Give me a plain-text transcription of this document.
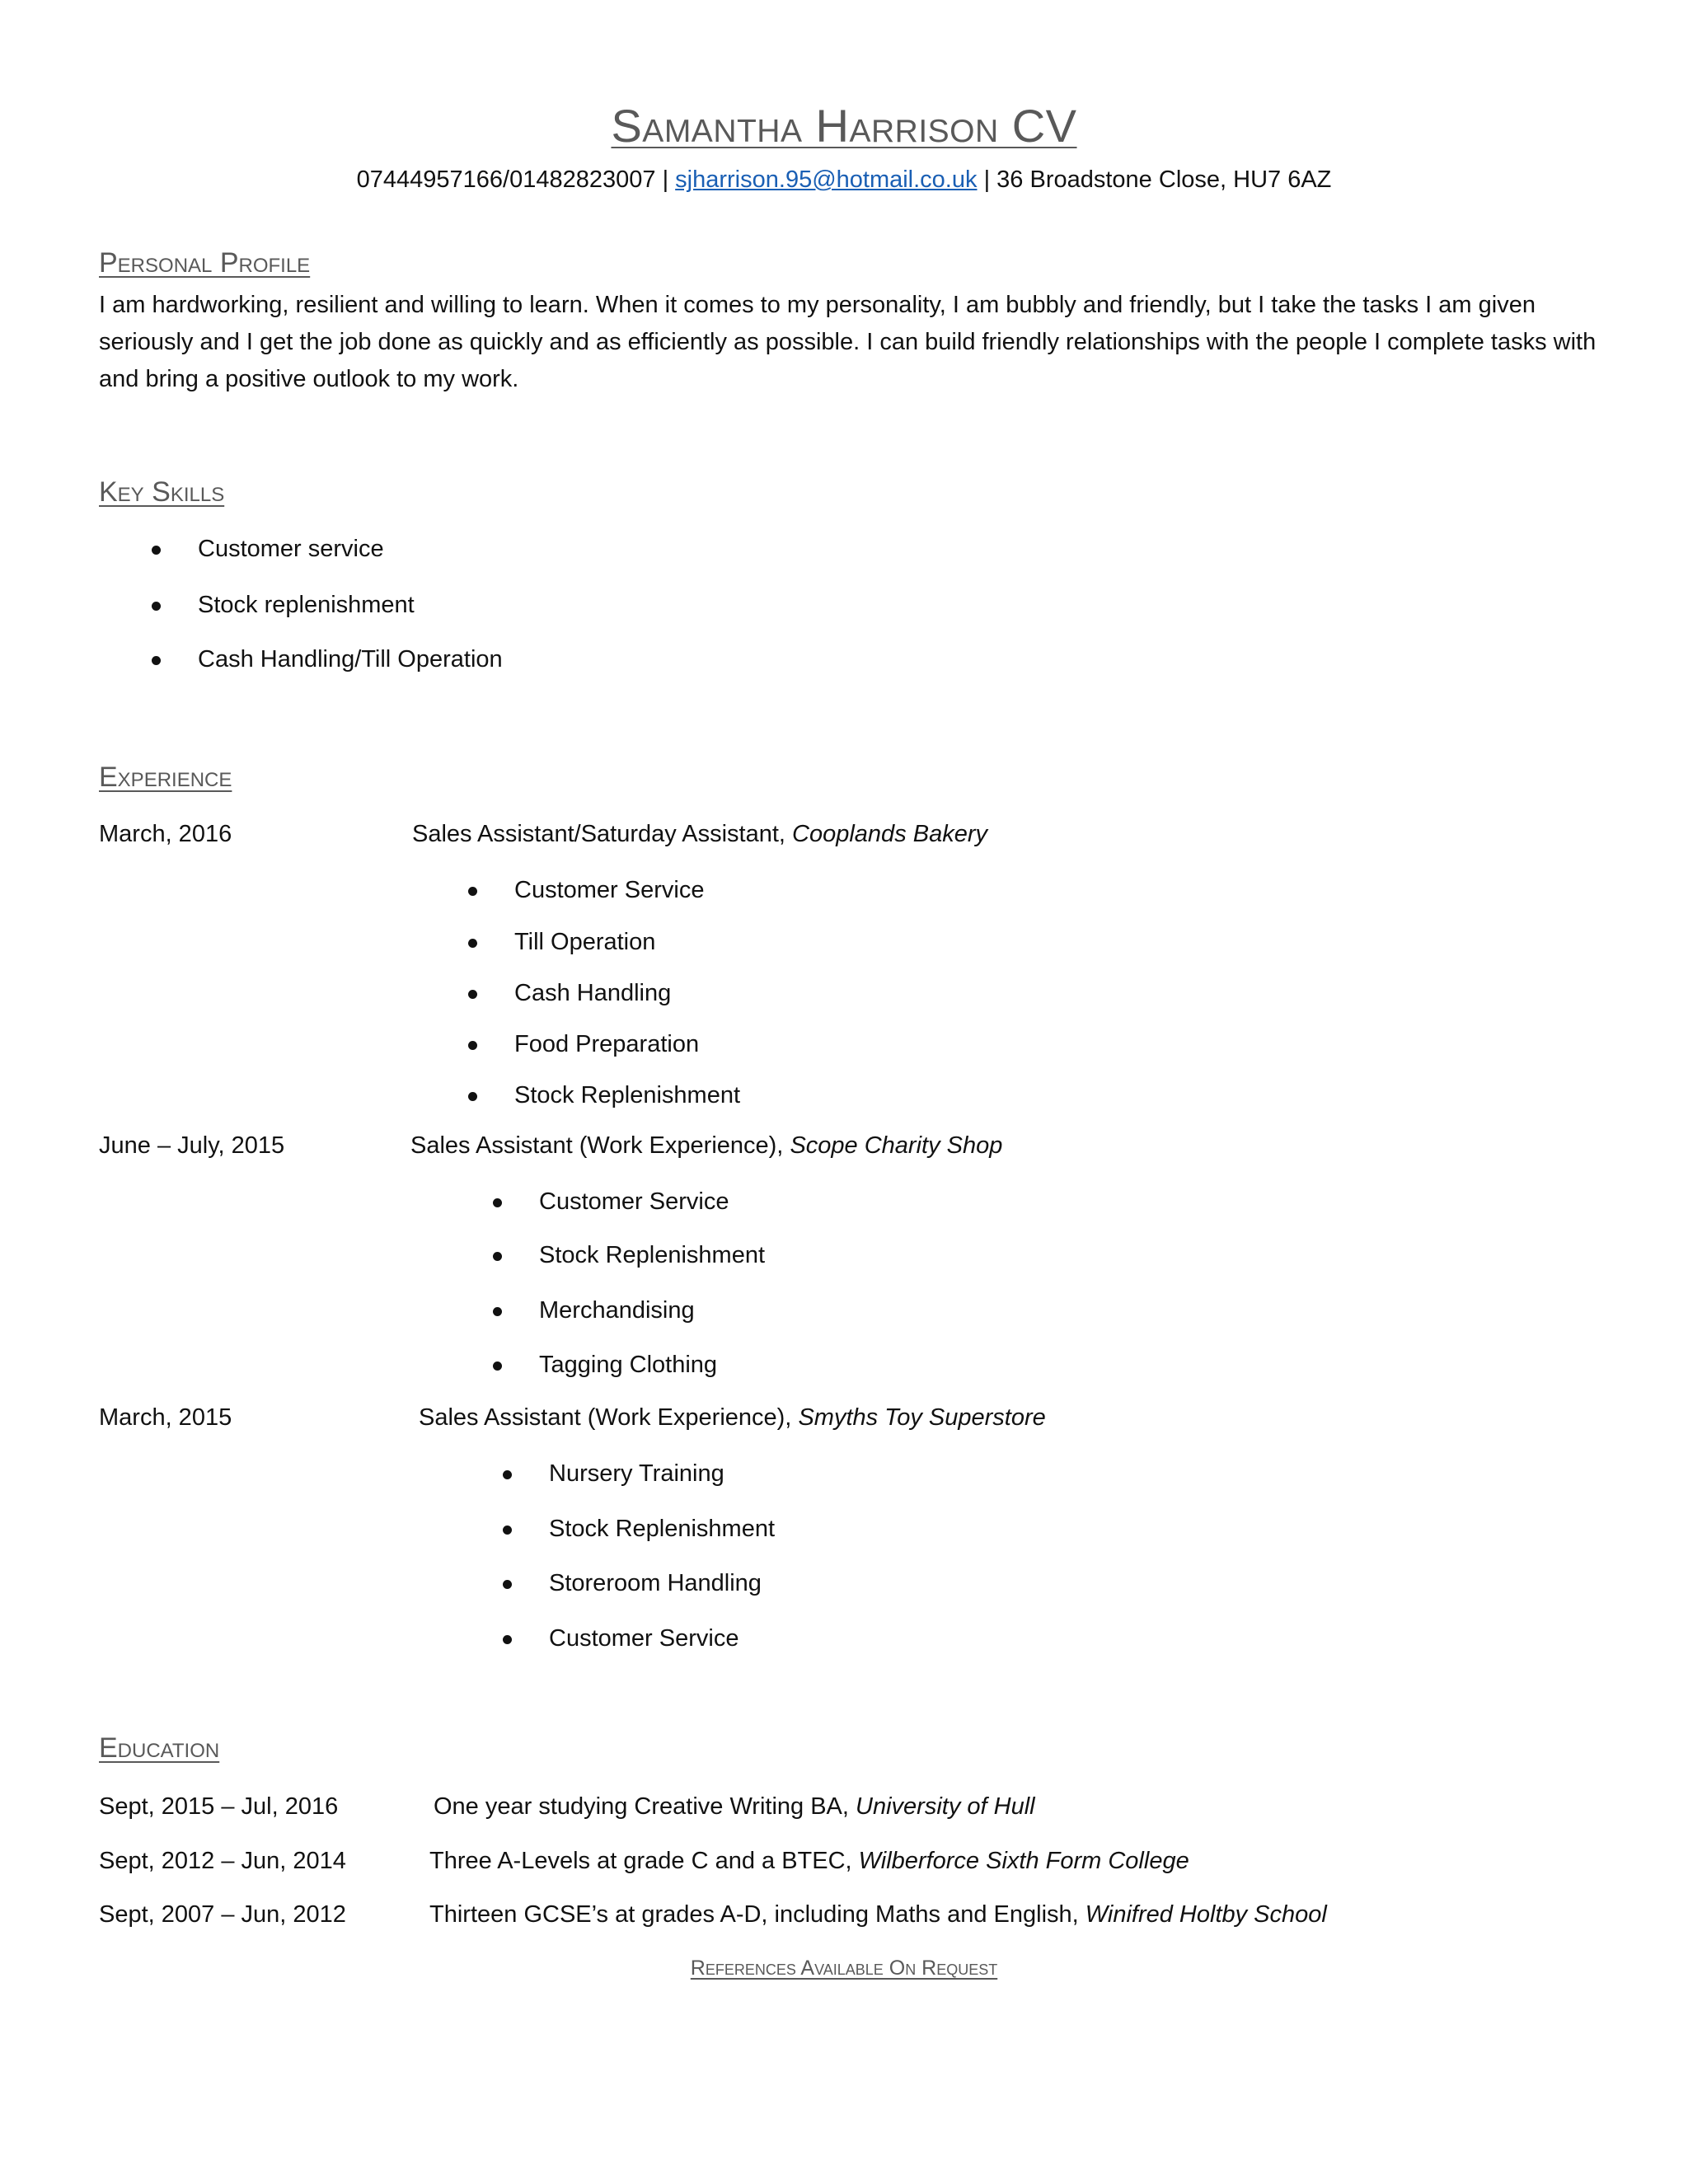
Samantha Harrison CV
07444957166/01482823007 | sjharrison.95@hotmail.co.uk | 36 Broadstone Close, HU7 6AZ
Personal Profile

I am hardworking, resilient and willing to learn. When it comes to my personality, I am bubbly and friendly, but I take the tasks I am given seriously and I get the job done as quickly and as efficiently as possible. I can build friendly relationships with the people I complete tasks with and bring a positive outlook to my work.

Key Skills
Customer service
Stock replenishment
Cash Handling/Till Operation
Experience
March, 2016	Sales Assistant/Saturday Assistant, Cooplands Bakery
Customer Service
Till Operation
Cash Handling
Food Preparation
Stock Replenishment
June – July, 2015	Sales Assistant (Work Experience), Scope Charity Shop
Customer Service
Stock Replenishment
Merchandising
Tagging Clothing
March, 2015	Sales Assistant (Work Experience), Smyths Toy Superstore
Nursery Training
Stock Replenishment
Storeroom Handling
Customer Service
Education
Sept, 2015 – Jul, 2016	One year studying Creative Writing BA, University of Hull
Sept, 2012 – Jun, 2014	Three A-Levels at grade C and a BTEC, Wilberforce Sixth Form College
Sept, 2007 – Jun, 2012	Thirteen GCSE’s at grades A-D, including Maths and English, Winifred Holtby School
References Available On Request
